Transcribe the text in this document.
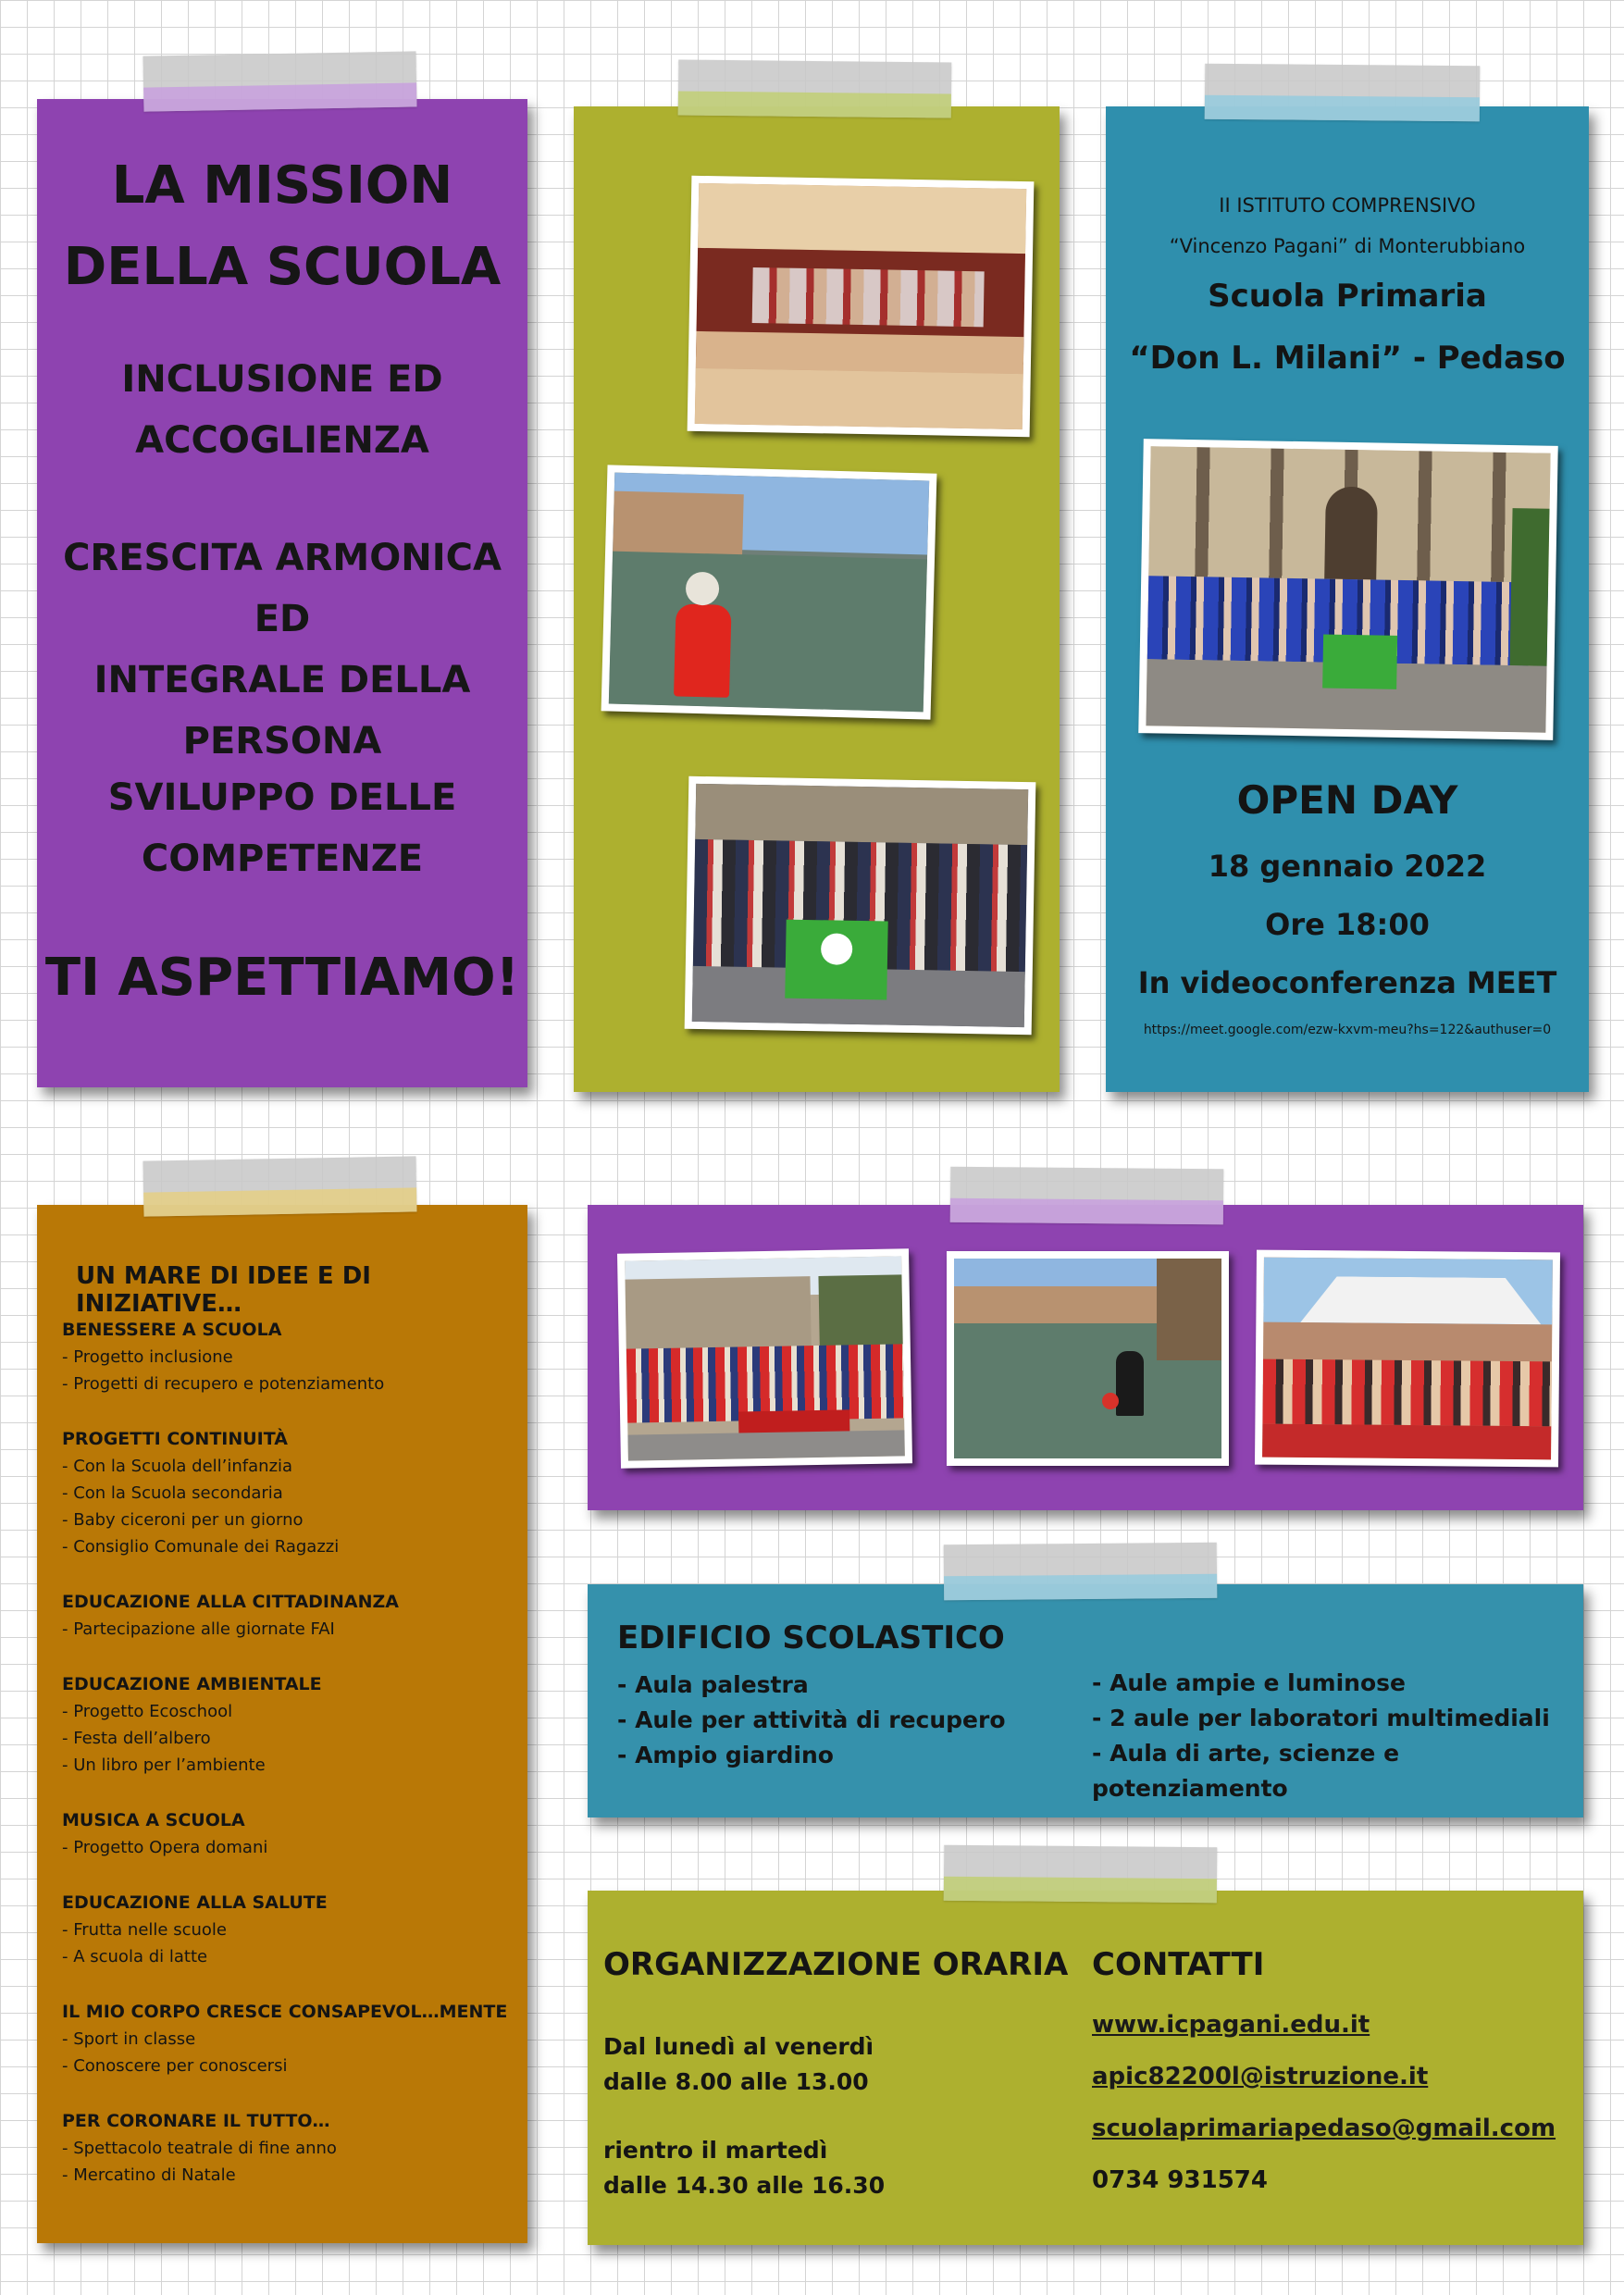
LA MISSION
DELLA SCUOLA
INCLUSIONE ED
ACCOGLIENZA
CRESCITA ARMONICA ED
INTEGRALE DELLA
PERSONA
SVILUPPO DELLE
COMPETENZE
TI ASPETTIAMO!
II ISTITUTO COMPRENSIVO
“Vincenzo Pagani” di Monterubbiano
Scuola Primaria
“Don L. Milani” - Pedaso
OPEN DAY
18 gennaio 2022
Ore 18:00
In videoconferenza MEET
https://meet.google.com/ezw-kxvm-meu?hs=122&authuser=0
UN MARE DI IDEE E DI INIZIATIVE…
BENESSERE A SCUOLA
- Progetto inclusione
- Progetti di recupero e potenziamento
PROGETTI CONTINUITÀ
- Con la Scuola dell’infanzia
- Con la Scuola secondaria
- Baby ciceroni per un giorno
- Consiglio Comunale dei Ragazzi
EDUCAZIONE ALLA CITTADINANZA
- Partecipazione alle giornate FAI
EDUCAZIONE AMBIENTALE
- Progetto Ecoschool
- Festa dell’albero
- Un libro per l’ambiente
MUSICA A SCUOLA
- Progetto Opera domani
EDUCAZIONE ALLA SALUTE
- Frutta nelle scuole
- A scuola di latte
IL MIO CORPO CRESCE CONSAPEVOL…MENTE
- Sport in classe
- Conoscere per conoscersi
PER CORONARE IL TUTTO…
- Spettacolo teatrale di fine anno
- Mercatino di Natale
EDIFICIO SCOLASTICO
- Aula palestra
- Aule per attività di recupero
- Ampio giardino
- Aule ampie e luminose
- 2 aule per laboratori multimediali
- Aula di arte, scienze e potenziamento
ORGANIZZAZIONE ORARIA
Dal lunedì al venerdì
dalle 8.00 alle 13.00
rientro il martedì
dalle 14.30 alle 16.30
CONTATTI
www.icpagani.edu.it
apic82200l@istruzione.it
scuolaprimariapedaso@gmail.com
0734 931574
